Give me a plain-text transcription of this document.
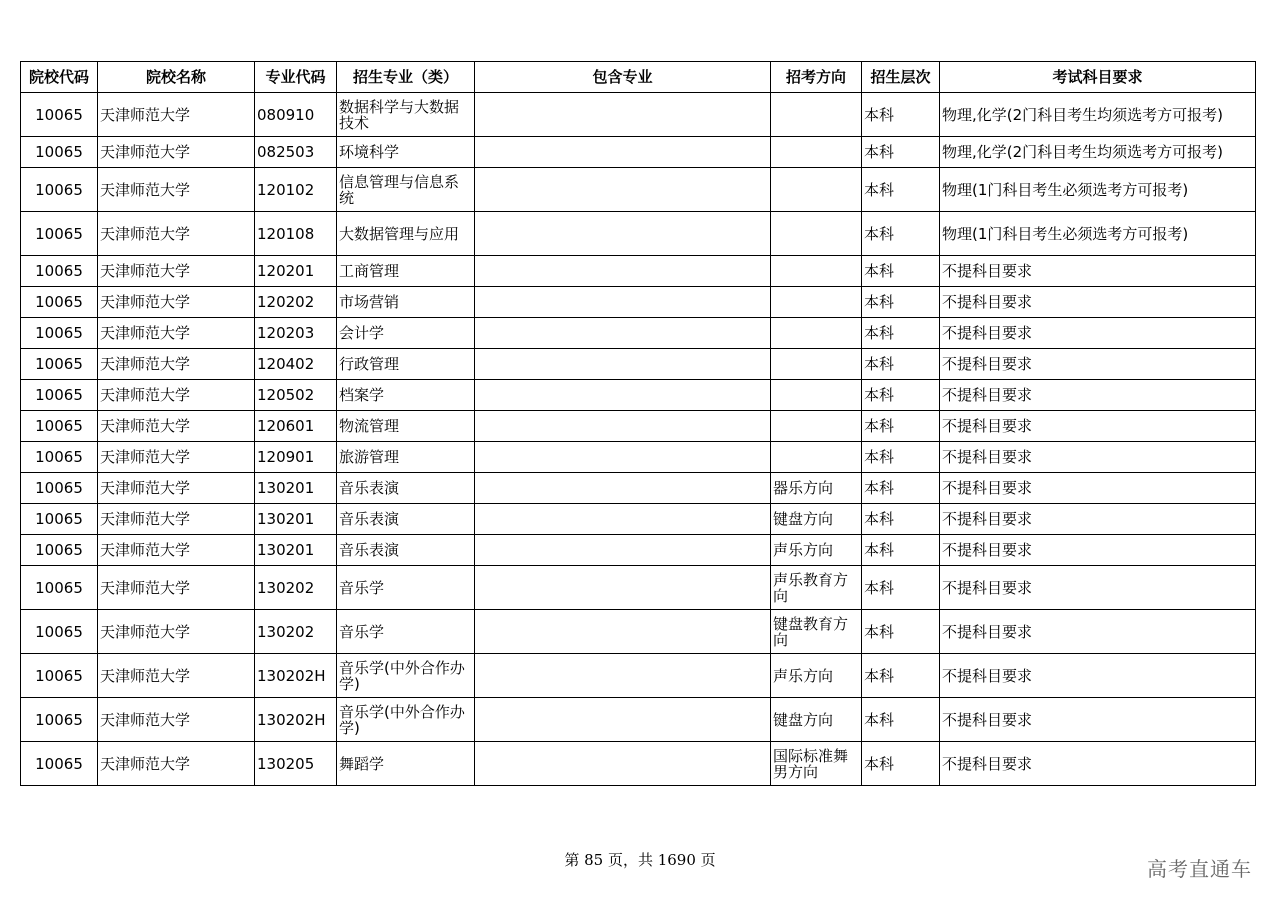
院校代码	院校名称	专业代码	招生专业（类）	包含专业	招考方向	招生层次	考试科目要求
10065	天津师范大学	080910	数据科学与大数据技术			本科	物理,化学(2门科目考生均须选考方可报考)
10065	天津师范大学	082503	环境科学			本科	物理,化学(2门科目考生均须选考方可报考)
10065	天津师范大学	120102	信息管理与信息系统			本科	物理(1门科目考生必须选考方可报考)
10065	天津师范大学	120108	大数据管理与应用			本科	物理(1门科目考生必须选考方可报考)
10065	天津师范大学	120201	工商管理			本科	不提科目要求
10065	天津师范大学	120202	市场营销			本科	不提科目要求
10065	天津师范大学	120203	会计学			本科	不提科目要求
10065	天津师范大学	120402	行政管理			本科	不提科目要求
10065	天津师范大学	120502	档案学			本科	不提科目要求
10065	天津师范大学	120601	物流管理			本科	不提科目要求
10065	天津师范大学	120901	旅游管理			本科	不提科目要求
10065	天津师范大学	130201	音乐表演		器乐方向	本科	不提科目要求
10065	天津师范大学	130201	音乐表演		键盘方向	本科	不提科目要求
10065	天津师范大学	130201	音乐表演		声乐方向	本科	不提科目要求
10065	天津师范大学	130202	音乐学		声乐教育方向	本科	不提科目要求
10065	天津师范大学	130202	音乐学		键盘教育方向	本科	不提科目要求
10065	天津师范大学	130202H	音乐学(中外合作办学)		声乐方向	本科	不提科目要求
10065	天津师范大学	130202H	音乐学(中外合作办学)		键盘方向	本科	不提科目要求
10065	天津师范大学	130205	舞蹈学		国际标准舞男方向	本科	不提科目要求
第 85 页，共 1690 页	高考直通车
